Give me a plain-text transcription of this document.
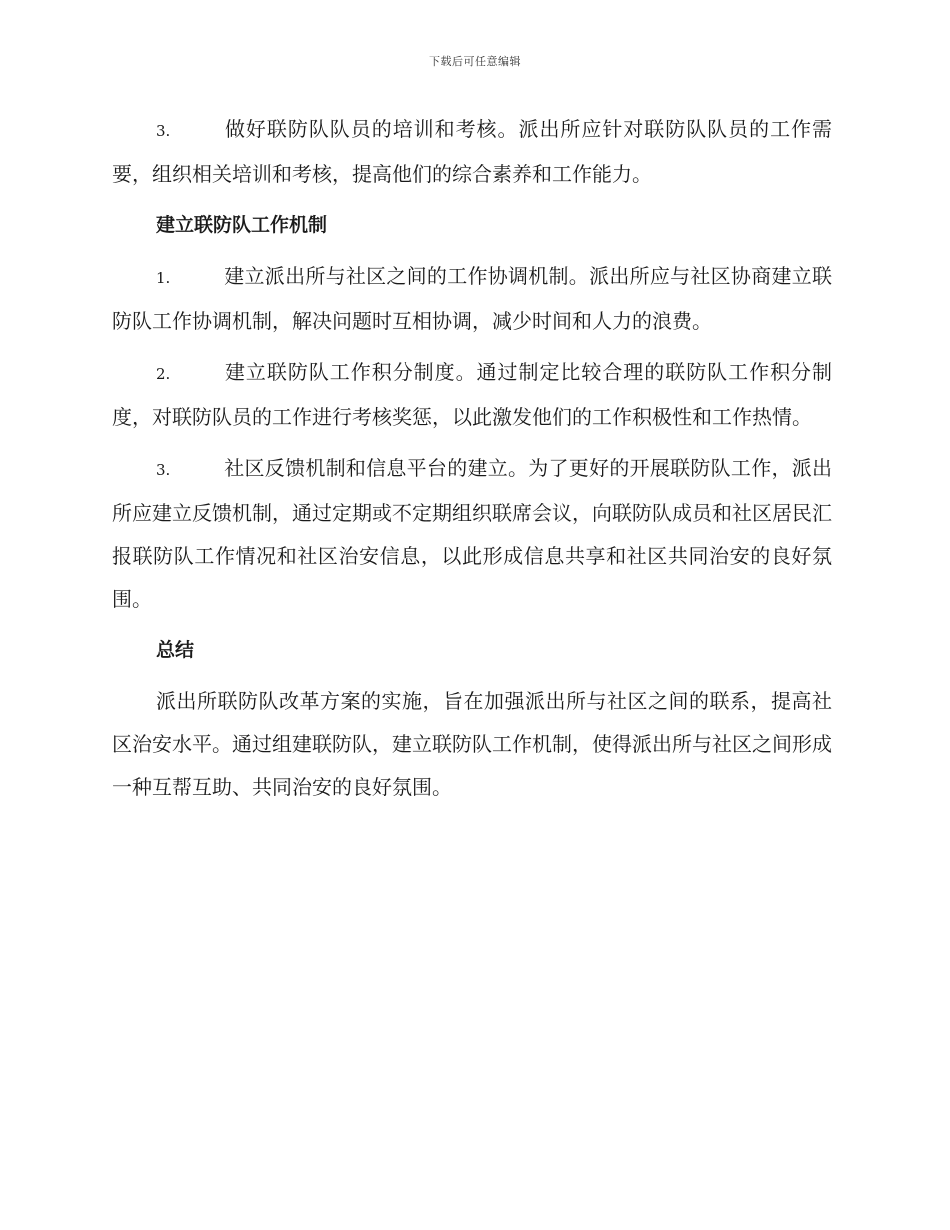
下载后可任意编辑

3.	做好联防队队员的培训和考核。派出所应针对联防队队员的工作需要，组织相关培训和考核，提高他们的综合素养和工作能力。

建立联防队工作机制

1.	建立派出所与社区之间的工作协调机制。派出所应与社区协商建立联防队工作协调机制，解决问题时互相协调，减少时间和人力的浪费。

2.	建立联防队工作积分制度。通过制定比较合理的联防队工作积分制度，对联防队员的工作进行考核奖惩，以此激发他们的工作积极性和工作热情。

3.	社区反馈机制和信息平台的建立。为了更好的开展联防队工作，派出所应建立反馈机制，通过定期或不定期组织联席会议，向联防队成员和社区居民汇报联防队工作情况和社区治安信息，以此形成信息共享和社区共同治安的良好氛围。

总结

派出所联防队改革方案的实施，旨在加强派出所与社区之间的联系，提高社区治安水平。通过组建联防队，建立联防队工作机制，使得派出所与社区之间形成一种互帮互助、共同治安的良好氛围。
